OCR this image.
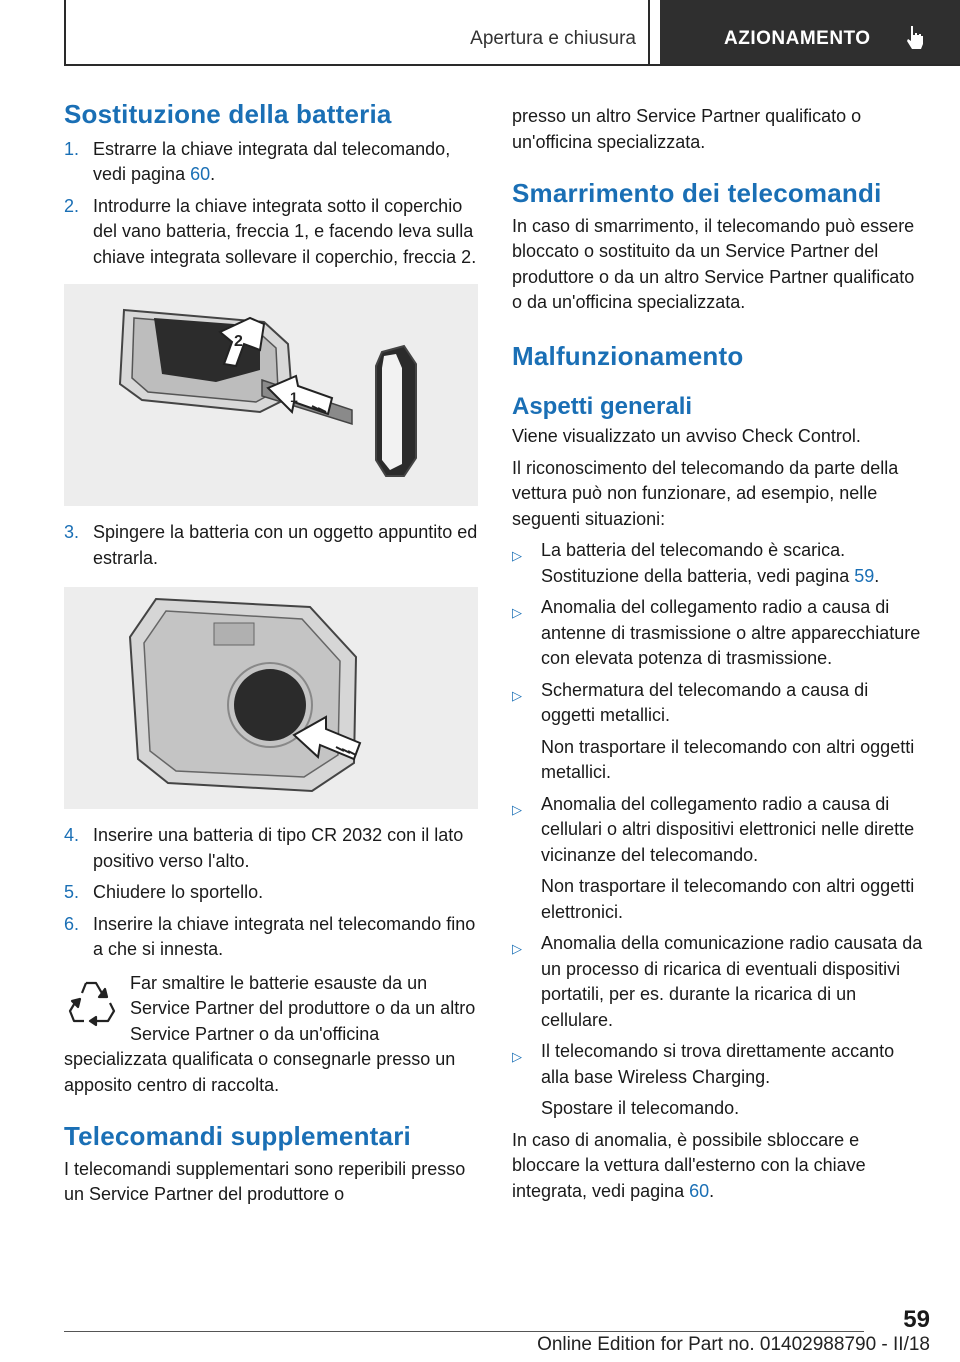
Apertura e chiusura	AZIONAMENTO
Sostituzione della batteria
1. Estrarre la chiave integrata dal telecomando, vedi pagina 60.
2. Introdurre la chiave integrata sotto il coperchio del vano batteria, freccia 1, e facendo leva sulla chiave integrata sollevare il coperchio, freccia 2.
2
1
3. Spingere la batteria con un oggetto appuntito ed estrarla.
4. Inserire una batteria di tipo CR 2032 con il lato positivo verso l'alto.
5. Chiudere lo sportello.
6. Inserire la chiave integrata nel telecomando fino a che si innesta.
Far smaltire le batterie esauste da un Service Partner del produttore o da un altro Service Partner o da un'officina specializzata qualificata o consegnarle presso un apposito centro di raccolta.
Telecomandi supplementari

I telecomandi supplementari sono reperibili presso un Service Partner del produttore o

presso un altro Service Partner qualificato o un'officina specializzata.

Smarrimento dei telecomandi

In caso di smarrimento, il telecomando può essere bloccato o sostituito da un Service Partner del produttore o da un altro Service Partner qualificato o da un'officina specializzata.

Malfunzionamento
Aspetti generali

Viene visualizzato un avviso Check Control.

Il riconoscimento del telecomando da parte della vettura può non funzionare, ad esempio, nelle seguenti situazioni:

▷	La batteria del telecomando è scarica. Sostituzione della batteria, vedi pagina 59.
▷	Anomalia del collegamento radio a causa di antenne di trasmissione o altre apparecchiature con elevata potenza di trasmissione.
▷	Schermatura del telecomando a causa di oggetti metallici.

Non trasportare il telecomando con altri oggetti metallici.

▷	Anomalia del collegamento radio a causa di cellulari o altri dispositivi elettronici nelle dirette vicinanze del telecomando.

Non trasportare il telecomando con altri oggetti elettronici.

▷	Anomalia della comunicazione radio causata da un processo di ricarica di eventuali dispositivi portatili, per es. durante la ricarica di un cellulare.
▷	Il telecomando si trova direttamente accanto alla base Wireless Charging.

Spostare il telecomando.

In caso di anomalia, è possibile sbloccare e bloccare la vettura dall'esterno con la chiave integrata, vedi pagina 60.

59
Online Edition for Part no. 01402988790 - II/18
